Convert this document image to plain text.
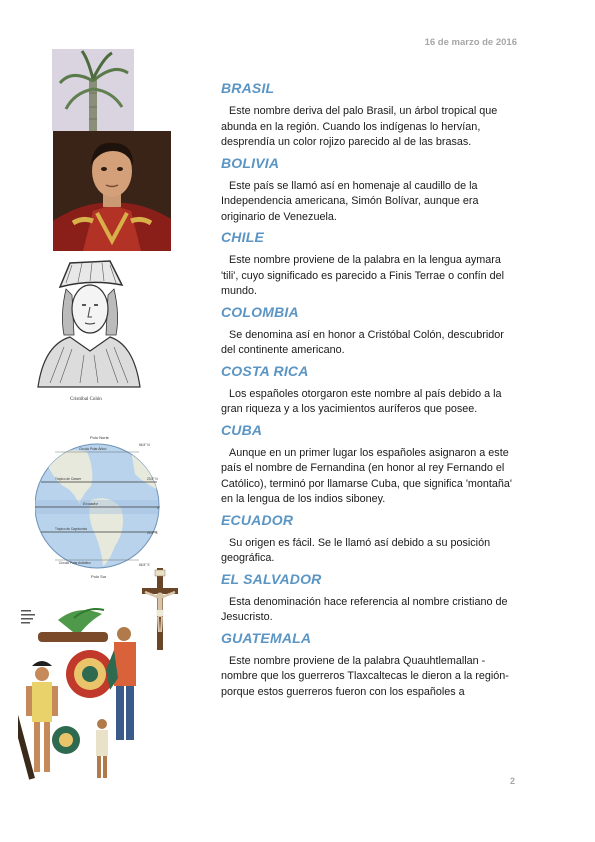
16 de marzo de 2016
Cristóbal Colón
Polo Norte
Polo Sur
Círculo Polar Ártico
Trópico de Cáncer
Ecuador
Trópico de Capricornio
Círculo Polar Antártico
66,5° N
23,5° N
0°
23,5° S
66,5° S
BRASIL

Este nombre deriva del palo Brasil, un árbol tropical que abunda en la región. Cuando los indígenas lo hervían, desprendía un color rojizo parecido al de las brasas.

BOLIVIA

Este país se llamó así en homenaje al caudillo de la Independencia americana, Simón Bolívar, aunque era originario de Venezuela.

CHILE

Este nombre proviene de la palabra en la lengua aymara 'tili', cuyo significado es parecido a Finis Terrae o confín del mundo.

COLOMBIA

Se denomina así en honor a Cristóbal Colón, descubridor del continente americano.

COSTA RICA

Los españoles otorgaron este nombre al país debido a la gran riqueza y a los yacimientos auríferos que posee.

CUBA

Aunque en un primer lugar los españoles asignaron a este país el nombre de Fernandina (en honor al rey Fernando el Católico), terminó por llamarse Cuba, que significa 'montaña' en la lengua de los indios siboney.

ECUADOR

Su origen es fácil. Se le llamó así debido a su posición geográfica.

EL SALVADOR

Esta denominación hace referencia al nombre cristiano de Jesucristo.

GUATEMALA

Este nombre proviene de la palabra Quauhtlemallan - nombre que los guerreros Tlaxcaltecas le dieron a la región- porque estos guerreros fueron con los españoles a

2
